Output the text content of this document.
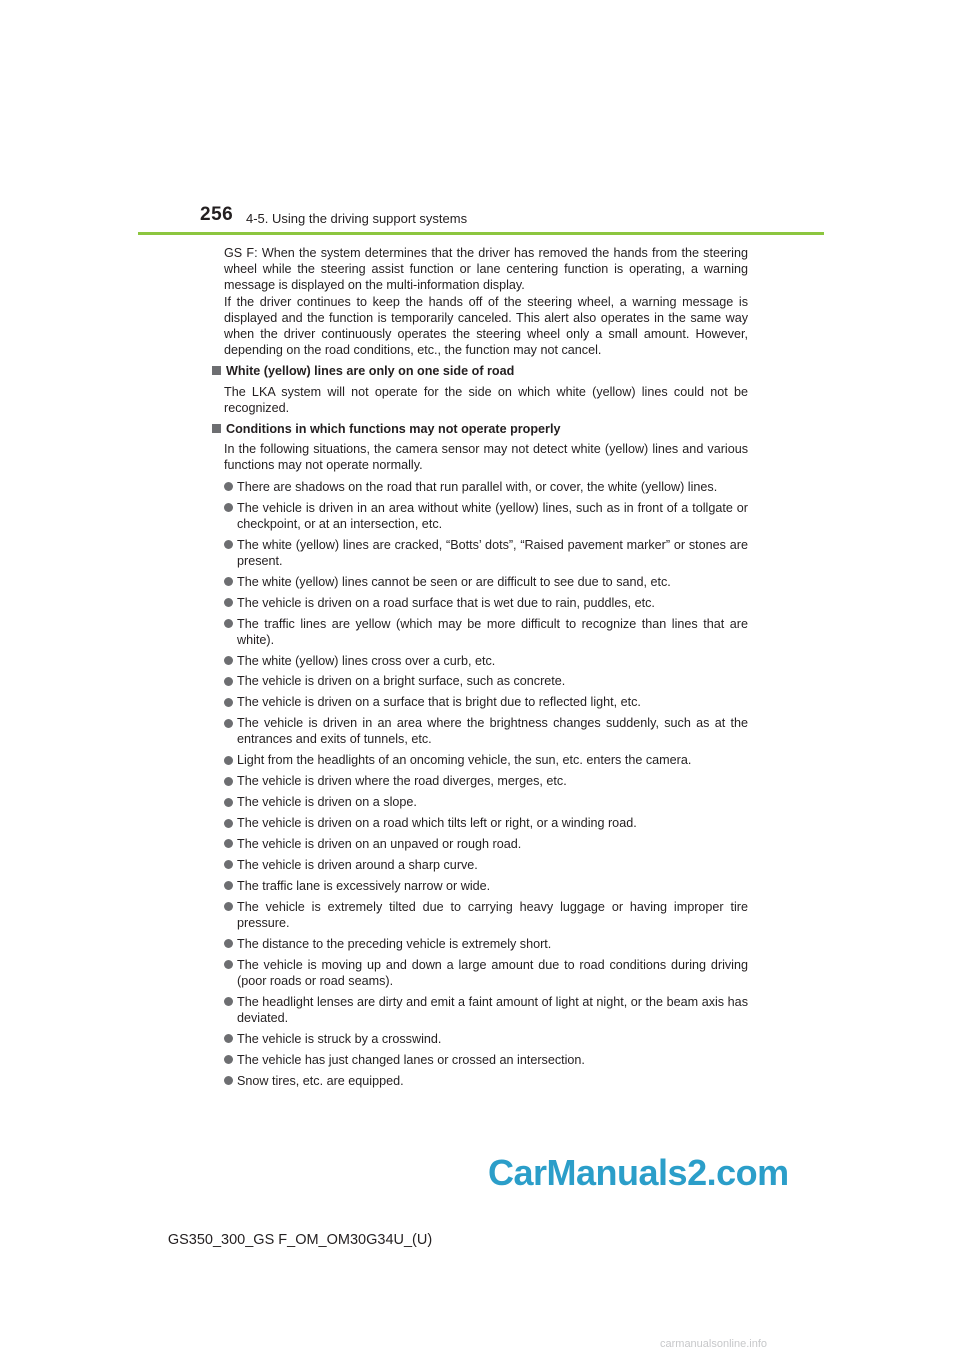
256 4-5. Using the driving support systems

GS F: When the system determines that the driver has removed the hands from the steering wheel while the steering assist function or lane centering function is operating, a warning message is displayed on the multi-information display.

If the driver continues to keep the hands off of the steering wheel, a warning message is displayed and the function is temporarily canceled. This alert also operates in the same way when the driver continuously operates the steering wheel only a small amount. However, depending on the road conditions, etc., the function may not cancel.

White (yellow) lines are only on one side of road

The LKA system will not operate for the side on which white (yellow) lines could not be recognized.

Conditions in which functions may not operate properly

In the following situations, the camera sensor may not detect white (yellow) lines and various functions may not operate normally.

There are shadows on the road that run parallel with, or cover, the white (yellow) lines.
The vehicle is driven in an area without white (yellow) lines, such as in front of a tollgate or checkpoint, or at an intersection, etc.
The white (yellow) lines are cracked, “Botts’ dots”, “Raised pavement marker” or stones are present.
The white (yellow) lines cannot be seen or are difficult to see due to sand, etc.
The vehicle is driven on a road surface that is wet due to rain, puddles, etc.
The traffic lines are yellow (which may be more difficult to recognize than lines that are white).
The white (yellow) lines cross over a curb, etc.
The vehicle is driven on a bright surface, such as concrete.
The vehicle is driven on a surface that is bright due to reflected light, etc.
The vehicle is driven in an area where the brightness changes suddenly, such as at the entrances and exits of tunnels, etc.
Light from the headlights of an oncoming vehicle, the sun, etc. enters the camera.
The vehicle is driven where the road diverges, merges, etc.
The vehicle is driven on a slope.
The vehicle is driven on a road which tilts left or right, or a winding road.
The vehicle is driven on an unpaved or rough road.
The vehicle is driven around a sharp curve.
The traffic lane is excessively narrow or wide.
The vehicle is extremely tilted due to carrying heavy luggage or having improper tire pressure.
The distance to the preceding vehicle is extremely short.
The vehicle is moving up and down a large amount due to road conditions during driving (poor roads or road seams).
The headlight lenses are dirty and emit a faint amount of light at night, or the beam axis has deviated.
The vehicle is struck by a crosswind.
The vehicle has just changed lanes or crossed an intersection.
Snow tires, etc. are equipped.
CarManuals2.com
GS350_300_GS F_OM_OM30G34U_(U)
carmanualsonline.info
